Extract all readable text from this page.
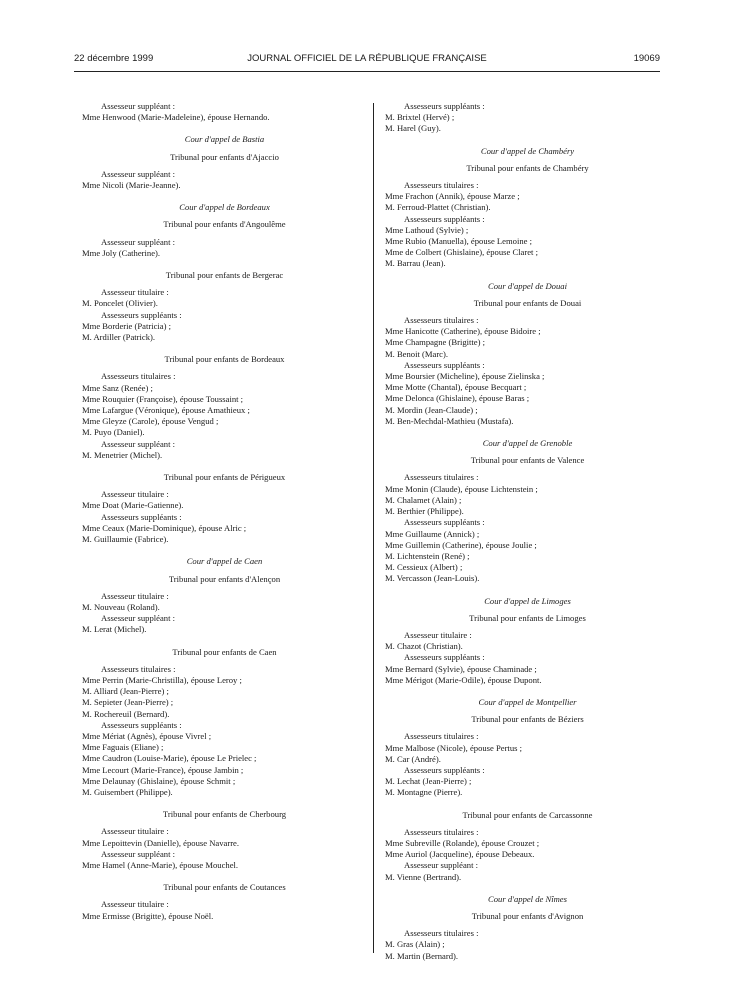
22 décembre 1999	JOURNAL OFFICIEL DE LA RÉPUBLIQUE FRANÇAISE	19069
Assesseur suppléant :
Mme Henwood (Marie-Madeleine), épouse Hernando.
Cour d'appel de Bastia
Tribunal pour enfants d'Ajaccio
Assesseur suppléant :
Mme Nicoli (Marie-Jeanne).
Cour d'appel de Bordeaux
Tribunal pour enfants d'Angoulême
Assesseur suppléant :
Mme Joly (Catherine).
Tribunal pour enfants de Bergerac
Assesseur titulaire :
M. Poncelet (Olivier).
Assesseurs suppléants :
Mme Borderie (Patricia) ;
M. Ardiller (Patrick).
Tribunal pour enfants de Bordeaux
Assesseurs titulaires :
Mme Sanz (Renée) ;
Mme Rouquier (Françoise), épouse Toussaint ;
Mme Lafargue (Véronique), épouse Amathieux ;
Mme Gleyze (Carole), épouse Vengud ;
M. Puyo (Daniel).
Assesseur suppléant :
M. Menetrier (Michel).
Tribunal pour enfants de Périgueux
Assesseur titulaire :
Mme Doat (Marie-Gatienne).
Assesseurs suppléants :
Mme Ceaux (Marie-Dominique), épouse Alric ;
M. Guillaumie (Fabrice).
Cour d'appel de Caen
Tribunal pour enfants d'Alençon
Assesseur titulaire :
M. Nouveau (Roland).
Assesseur suppléant :
M. Lerat (Michel).
Tribunal pour enfants de Caen
Assesseurs titulaires :
Mme Perrin (Marie-Christilla), épouse Leroy ;
M. Alliard (Jean-Pierre) ;
M. Sepieter (Jean-Pierre) ;
M. Rochereuil (Bernard).
Assesseurs suppléants :
Mme Mériat (Agnès), épouse Vivrel ;
Mme Faguais (Eliane) ;
Mme Caudron (Louise-Marie), épouse Le Prielec ;
Mme Lecourt (Marie-France), épouse Jambin ;
Mme Delaunay (Ghislaine), épouse Schmit ;
M. Guisembert (Philippe).
Tribunal pour enfants de Cherbourg
Assesseur titulaire :
Mme Lepoittevin (Danielle), épouse Navarre.
Assesseur suppléant :
Mme Hamel (Anne-Marie), épouse Mouchel.
Tribunal pour enfants de Coutances
Assesseur titulaire :
Mme Ermisse (Brigitte), épouse Noël.
Assesseurs suppléants :
M. Brixtel (Hervé) ;
M. Harel (Guy).
Cour d'appel de Chambéry
Tribunal pour enfants de Chambéry
Assesseurs titulaires :
Mme Frachon (Annik), épouse Marze ;
M. Ferroud-Plattet (Christian).
Assesseurs suppléants :
Mme Lathoud (Sylvie) ;
Mme Rubio (Manuella), épouse Lemoine ;
Mme de Colbert (Ghislaine), épouse Claret ;
M. Barrau (Jean).
Cour d'appel de Douai
Tribunal pour enfants de Douai
Assesseurs titulaires :
Mme Hanicotte (Catherine), épouse Bidoire ;
Mme Champagne (Brigitte) ;
M. Benoit (Marc).
Assesseurs suppléants :
Mme Boursier (Micheline), épouse Zielinska ;
Mme Motte (Chantal), épouse Becquart ;
Mme Delonca (Ghislaine), épouse Baras ;
M. Mordin (Jean-Claude) ;
M. Ben-Mechdal-Mathieu (Mustafa).
Cour d'appel de Grenoble
Tribunal pour enfants de Valence
Assesseurs titulaires :
Mme Monin (Claude), épouse Lichtenstein ;
M. Chalamet (Alain) ;
M. Berthier (Philippe).
Assesseurs suppléants :
Mme Guillaume (Annick) ;
Mme Guillemin (Catherine), épouse Joulie ;
M. Lichtenstein (René) ;
M. Cessieux (Albert) ;
M. Vercasson (Jean-Louis).
Cour d'appel de Limoges
Tribunal pour enfants de Limoges
Assesseur titulaire :
M. Chazot (Christian).
Assesseurs suppléants :
Mme Bernard (Sylvie), épouse Chaminade ;
Mme Mérigot (Marie-Odile), épouse Dupont.
Cour d'appel de Montpellier
Tribunal pour enfants de Béziers
Assesseurs titulaires :
Mme Malbose (Nicole), épouse Pertus ;
M. Car (André).
Assesseurs suppléants :
M. Lechat (Jean-Pierre) ;
M. Montagne (Pierre).
Tribunal pour enfants de Carcassonne
Assesseurs titulaires :
Mme Subreville (Rolande), épouse Crouzet ;
Mme Auriol (Jacqueline), épouse Debeaux.
Assesseur suppléant :
M. Vienne (Bertrand).
Cour d'appel de Nîmes
Tribunal pour enfants d'Avignon
Assesseurs titulaires :
M. Gras (Alain) ;
M. Martin (Bernard).
